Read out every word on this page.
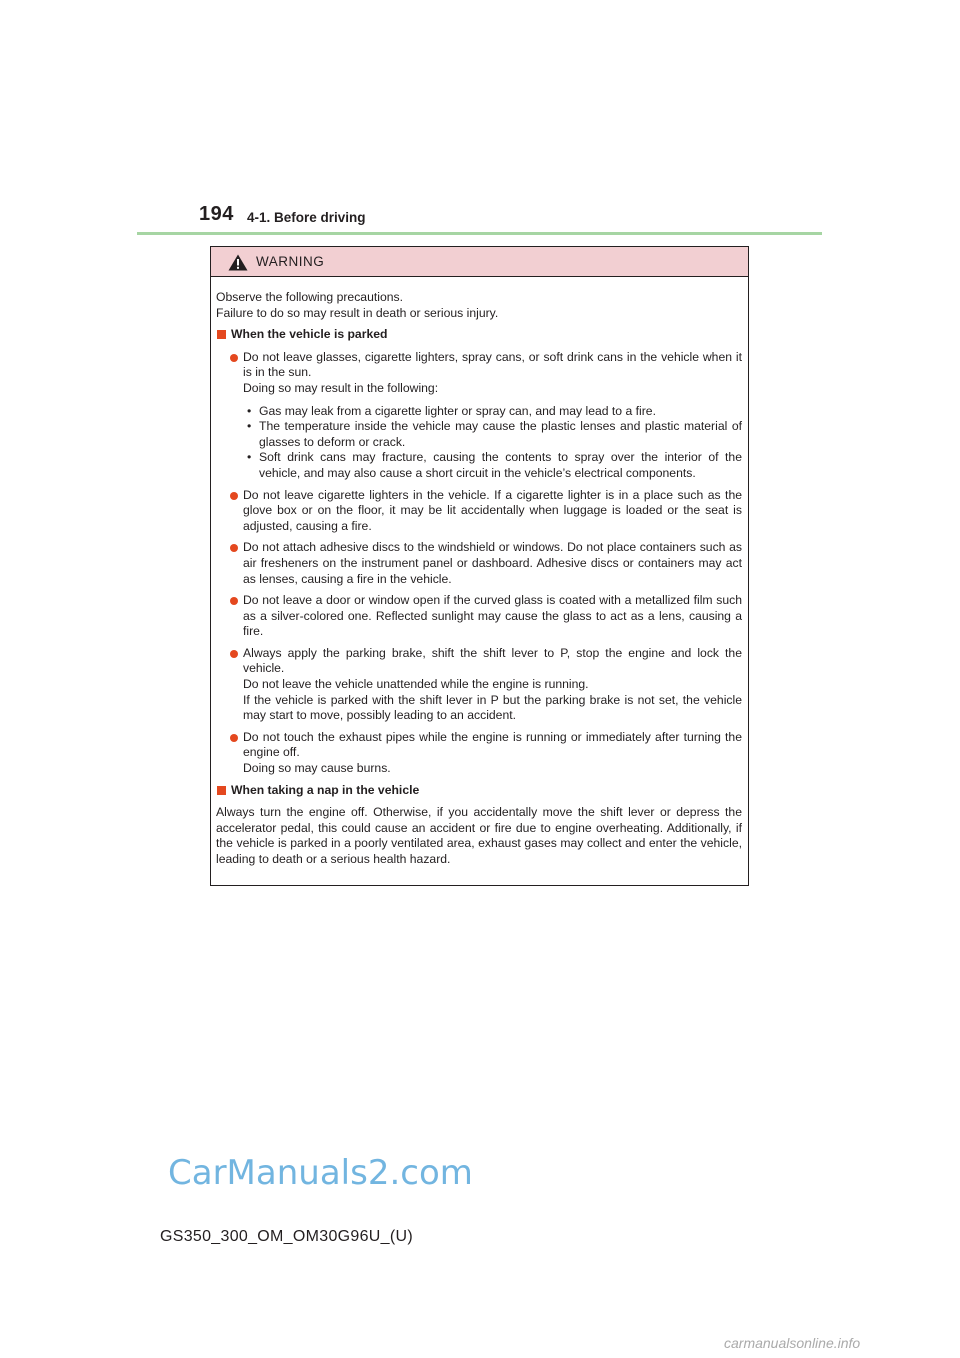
194 4-1. Before driving
WARNING

Observe the following precautions.

Failure to do so may result in death or serious injury.

When the vehicle is parked

Do not leave glasses, cigarette lighters, spray cans, or soft drink cans in the vehicle when it is in the sun.

Doing so may result in the following:

• Gas may leak from a cigarette lighter or spray can, and may lead to a fire.
• The temperature inside the vehicle may cause the plastic lenses and plastic material of glasses to deform or crack.
• Soft drink cans may fracture, causing the contents to spray over the interior of the vehicle, and may also cause a short circuit in the vehicle’s electrical components.

Do not leave cigarette lighters in the vehicle. If a cigarette lighter is in a place such as the glove box or on the floor, it may be lit accidentally when luggage is loaded or the seat is adjusted, causing a fire.

Do not attach adhesive discs to the windshield or windows. Do not place containers such as air fresheners on the instrument panel or dashboard. Adhesive discs or containers may act as lenses, causing a fire in the vehicle.

Do not leave a door or window open if the curved glass is coated with a metallized film such as a silver-colored one. Reflected sunlight may cause the glass to act as a lens, causing a fire.

Always apply the parking brake, shift the shift lever to P, stop the engine and lock the vehicle.

Do not leave the vehicle unattended while the engine is running.

If the vehicle is parked with the shift lever in P but the parking brake is not set, the vehicle may start to move, possibly leading to an accident.

Do not touch the exhaust pipes while the engine is running or immediately after turning the engine off.

Doing so may cause burns.

When taking a nap in the vehicle

Always turn the engine off. Otherwise, if you accidentally move the shift lever or depress the accelerator pedal, this could cause an accident or fire due to engine overheating. Additionally, if the vehicle is parked in a poorly ventilated area, exhaust gases may collect and enter the vehicle, leading to death or a serious health hazard.

CarManuals2.com
GS350_300_OM_OM30G96U_(U)
carmanualsonline.info
